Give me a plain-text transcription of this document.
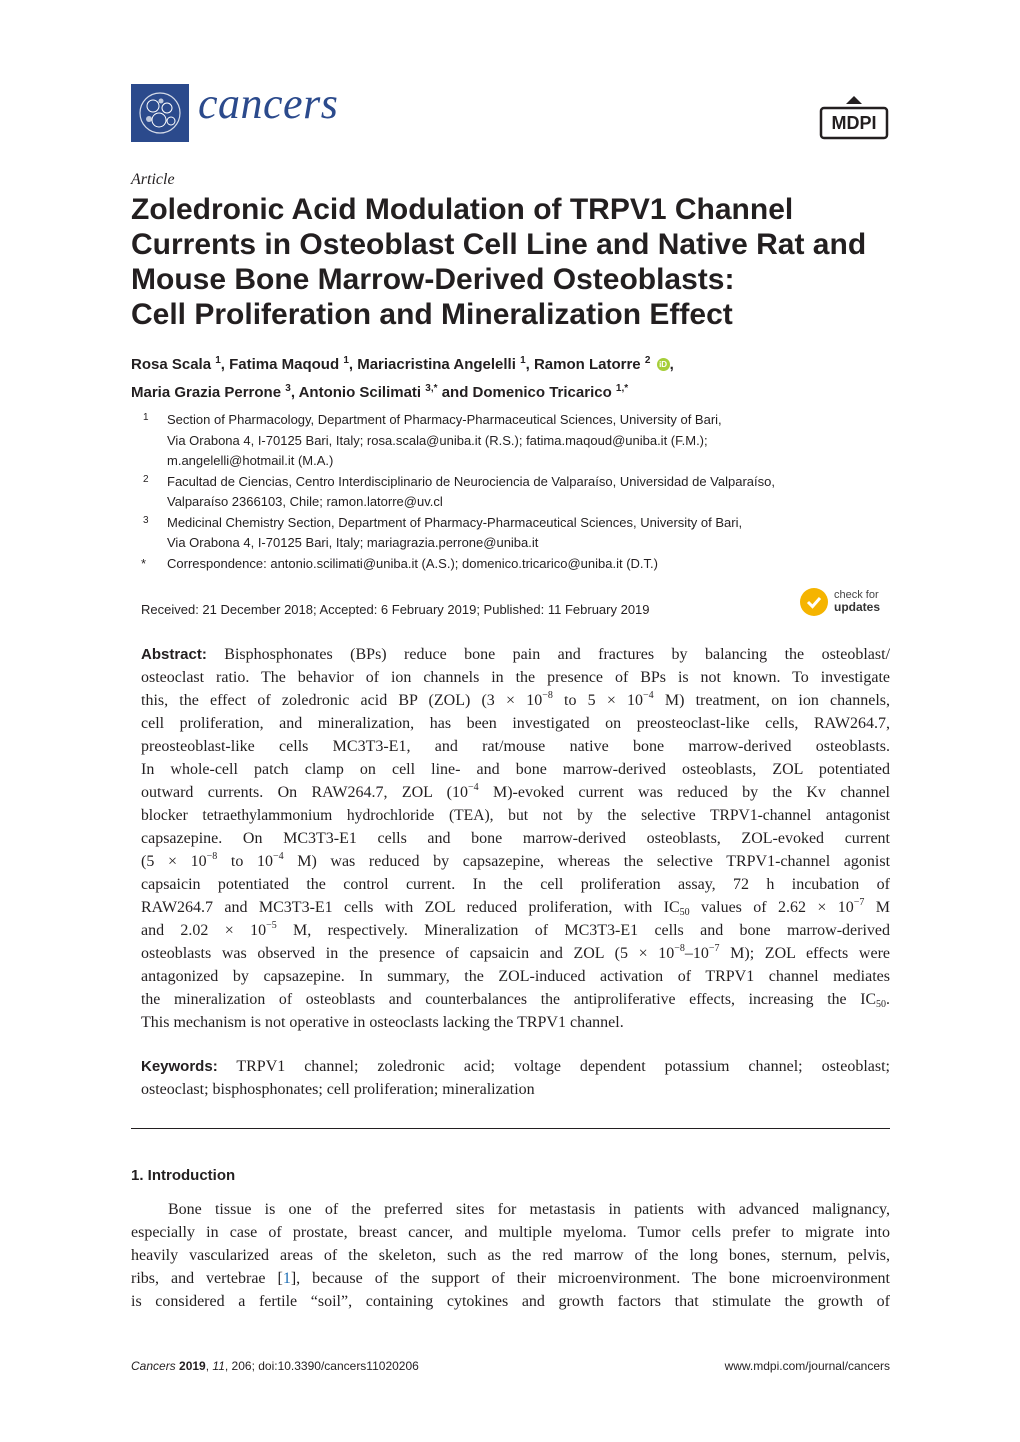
cancers	MDPI
Article
Zoledronic Acid Modulation of TRPV1 Channel
Currents in Osteoblast Cell Line and Native Rat and
Mouse Bone Marrow-Derived Osteoblasts:
Cell Proliferation and Mineralization Effect
Rosa Scala $^1$, Fatima Maqoud $^1$, Mariacristina Angelelli $^1$, Ramon Latorre $^2$ iD ,
Maria Grazia Perrone $^3$, Antonio Scilimati $^{3,*}$ and Domenico Tricarico $^{1,*}$
1 Section of Pharmacology, Department of Pharmacy-Pharmaceutical Sciences, University of Bari,
Via Orabona 4, I-70125 Bari, Italy; rosa.scala@uniba.it (R.S.); fatima.maqoud@uniba.it (F.M.);
m.angelelli@hotmail.it (M.A.)
2 Facultad de Ciencias, Centro Interdisciplinario de Neurociencia de Valparaíso, Universidad de Valparaíso,
Valparaíso 2366103, Chile; ramon.latorre@uv.cl
3 Medicinal Chemistry Section, Department of Pharmacy-Pharmaceutical Sciences, University of Bari,
Via Orabona 4, I-70125 Bari, Italy; mariagrazia.perrone@uniba.it
* Correspondence: antonio.scilimati@uniba.it (A.S.); domenico.tricarico@uniba.it (D.T.)
Received: 21 December 2018; Accepted: 6 February 2019; Published: 11 February 2019
check for
updates
Abstract: Bisphosphonates (BPs) reduce bone pain and fractures by balancing the osteoblast/
osteoclast ratio. The behavior of ion channels in the presence of BPs is not known. To investigate
this, the effect of zoledronic acid BP (ZOL) ($3 \times 10^{-8}$ to $5 \times 10^{-4}$ M) treatment, on ion channels,
cell proliferation, and mineralization, has been investigated on preosteoclast-like cells, RAW264.7,
preosteoblast-like cells MC3T3-E1, and rat/mouse native bone marrow-derived osteoblasts.
In whole-cell patch clamp on cell line- and bone marrow-derived osteoblasts, ZOL potentiated
outward currents. On RAW264.7, ZOL ($10^{-4}$ M)-evoked current was reduced by the Kv channel
blocker tetraethylammonium hydrochloride (TEA), but not by the selective TRPV1-channel antagonist
capsazepine. On MC3T3-E1 cells and bone marrow-derived osteoblasts, ZOL-evoked current
($5 \times 10^{-8}$ to $10^{-4}$ M) was reduced by capsazepine, whereas the selective TRPV1-channel agonist
capsaicin potentiated the control current. In the cell proliferation assay, 72 h incubation of
RAW264.7 and MC3T3-E1 cells with ZOL reduced proliferation, with $IC_{50}$ values of $2.62 \times 10^{-7}$ M
and $2.02 \times 10^{-5}$ M, respectively. Mineralization of MC3T3-E1 cells and bone marrow-derived
osteoblasts was observed in the presence of capsaicin and ZOL ($5 \times 10^{-8}-10^{-7}$ M); ZOL effects were
antagonized by capsazepine. In summary, the ZOL-induced activation of TRPV1 channel mediates
the mineralization of osteoblasts and counterbalances the antiproliferative effects, increasing the $IC_{50}$.
This mechanism is not operative in osteoclasts lacking the TRPV1 channel.
Keywords: TRPV1 channel; zoledronic acid; voltage dependent potassium channel; osteoblast;
osteoclast; bisphosphonates; cell proliferation; mineralization
1. Introduction
Bone tissue is one of the preferred sites for metastasis in patients with advanced malignancy,
especially in case of prostate, breast cancer, and multiple myeloma. Tumor cells prefer to migrate into
heavily vascularized areas of the skeleton, such as the red marrow of the long bones, sternum, pelvis,
ribs, and vertebrae [1], because of the support of their microenvironment. The bone microenvironment
is considered a fertile “soil”, containing cytokines and growth factors that stimulate the growth of
Cancers 2019, 11, 206; doi:10.3390/cancers11020206	www.mdpi.com/journal/cancers
